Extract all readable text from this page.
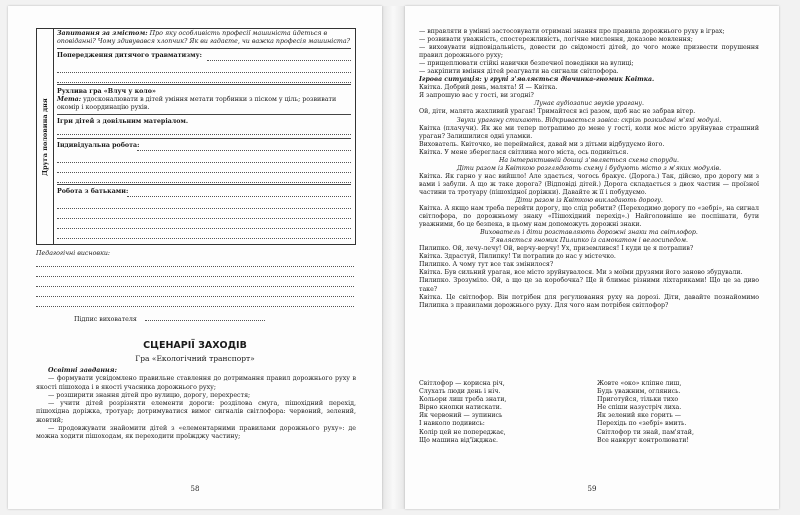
Друга половина дня
Запитання за змістом: Про яку особливість професії машиніста йдеться в оповіданні? Чому здивувався хлопчик? Як ви гадаєте, чи важка професія машиніста?
Попередження дитячого травматизму:
Рухлива гра «Влуч у коло»
Мета: удосконалювати в дітей уміння метати торбинки з піском у ціль; розвивати окомір і координацію рухів.
Ігри дітей з довільним матеріалом.
Індивідуальна робота:
Робота з батьками:
Педагогічні висновки:
Підпис вихователя
СЦЕНАРІЇ ЗАХОДІВ
Гра «Екологічний транспорт»

Освітні завдання:

— формувати усвідомлено правильне ставлення до дотримання правил дорожнього руху в якості пішохода і в якості учасника дорожнього руху;

— розширити знання дітей про вулицю, дорогу, перехрестя;

— учити дітей розрізняти елементи дороги: розділова смуга, пішохідний перехід, пішохідна доріжка, тротуар; дотримуватися вимог сигналів світлофора: червоний, зелений, жовтий;

— продовжувати знайомити дітей з «елементарними правилами дорожнього руху»: де можна ходити пішоходам, як переходити проїжджу частину;

58

— вправляти в умінні застосовувати отримані знання про правила дорожнього руху в іграх;

— розвивати уважність, спостережливість, логічне мислення, доказове мовлення;

— виховувати відповідальність, довести до свідомості дітей, до чого може призвести порушення правил дорожнього руху;

— прищеплювати стійкі навички безпечної поведінки на вулиці;

— закріпити вміння дітей реагувати на сигнали світлофора.

Ігрова ситуація: у групі з'являється дівчинка-гномик Квітка.

Квітка. Добрий день, малята! Я — Квітка.

Я запрошую вас у гості, ви згодні?

Лунає аудіозапис звуків урагану.

Ой, діти, малята жахливий ураган! Тримайтеся всі разом, щоб нас не забрав вітер.

Звуки урагану стихають. Відкривається завіса: скрізь розкидані м'які модулі.

Квітка (плачучи). Як же ми тепер потрапимо до мене у гості, коли моє місто зруйнував страшний ураган? Залишилися одні уламки.

Вихователь. Квіточко, не переймайся, давай ми з дітьми відбудуємо його.

Квітка. У мене збереглася світлина мого міста, ось подивіться.

На інтерактивній дошці з'являється схема споруди.

Діти разом із Квіткою розглядають схему і будують місто з м'яких модулів.

Квітка. Як гарно у нас вийшло! Але здається, чогось бракує. (Дорога.) Так, дійсно, про дорогу ми з вами і забули. А що ж таке дорога? (Відповіді дітей.) Дорога складається з двох частин — проїзної частини та тротуару (пішохідної доріжки). Давайте ж її і побудуємо.

Діти разом із Квіткою викладають дорогу.

Квітка. А якщо нам треба перейти дорогу, що слід робити? (Переходимо дорогу по «зебрі», на сигнал світлофора, по дорожньому знаку «Пішохідний перехід».) Найголовніше не поспішати, бути уважними, бо це безпека, в цьому нам допоможуть дорожні знаки.

Вихователь і діти розставляють дорожні знаки та світлофор.

З'являється гномик Пилипко із самокатом і велосипедом.

Пилипко. Ой, лечу-лечу! Ой, верчу-верчу! Ух, приземлився! І куди це я потрапив?

Квітка. Здрастуй, Пилипку! Ти потрапив до нас у містечко.

Пилипко. А чому тут все так змінилося?

Квітка. Був сильний ураган, все місто зруйнувалося. Ми з моїми друзями його заново збудували.

Пилипко. Зрозуміло. Ой, а що це за коробочка? Ще й блимає різними ліхтариками! Що це за диво таке?

Квітка. Це світлофор. Він потрібен для регулювання руху на дорозі. Діти, давайте познайомимо Пилипка з правилами дорожнього руху. Для чого нам потрібен світлофор?

Світлофор — корисна річ,
Слухать люди день і ніч.
Кольори лиш треба знати,
Вірно кнопки натискати.
Як червоний — зупинись
І навколо подивись:
Колір цей не попереджає,
Що машина від'їжджає.
Жовте «око» кліпне лиш,
Будь уважним, оглянись.
Приготуйся, тільки тихо
Не спіши назустріч лиха.
Як зелений яке горить —
Перехідь по «зебрі» вмить.
Світлофор ти знай, пам'ятай,
Все навкруг контролювати!
59
